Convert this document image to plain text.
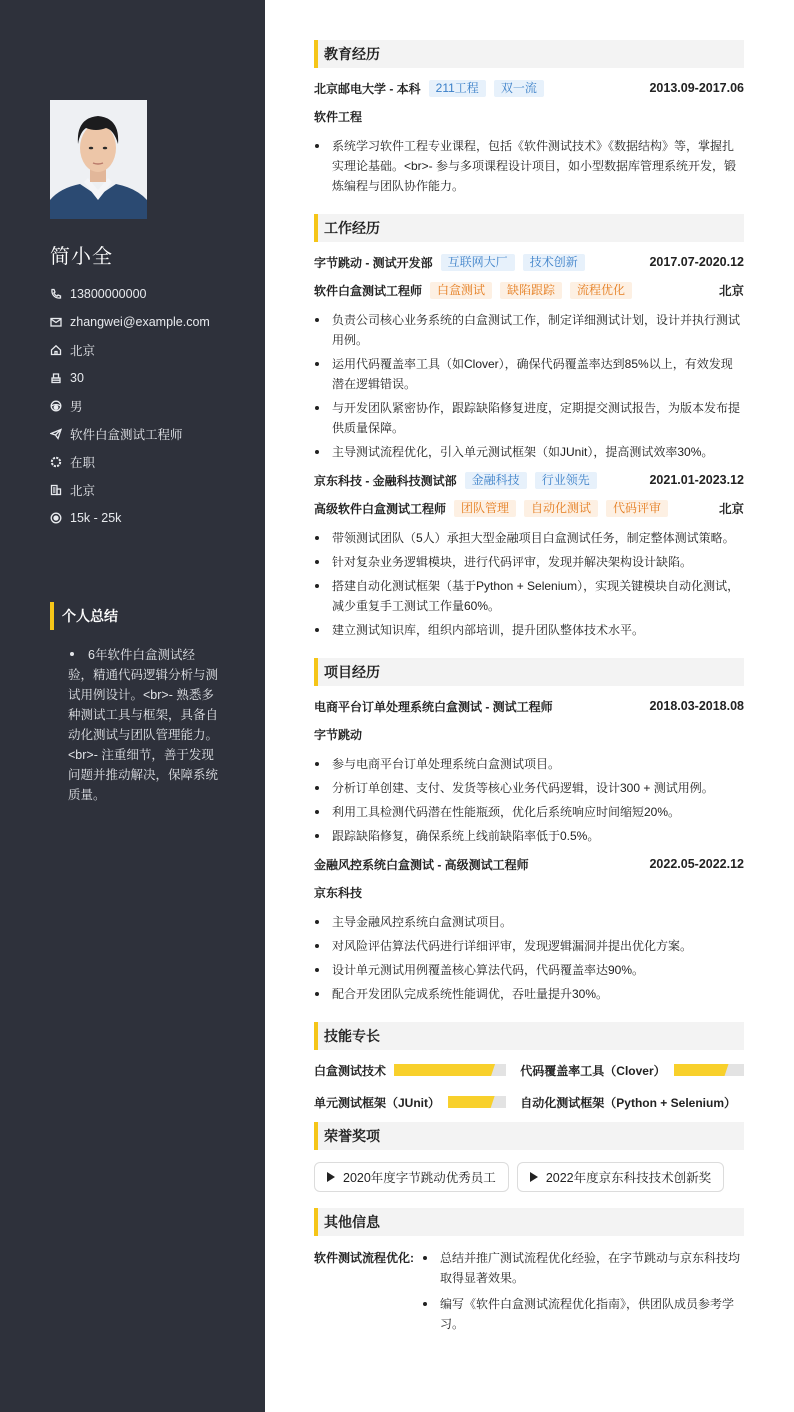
简小全
13800000000
zhangwei@example.com
北京
30
男
软件白盒测试工程师
在职
北京
15k - 25k
个人总结
6年软件白盒测试经验，精通代码逻辑分析与测试用例设计。<br>- 熟悉多种测试工具与框架，具备自动化测试与团队管理能力。<br>- 注重细节，善于发现问题并推动解决，保障系统质量。
教育经历
北京邮电大学 - 本科	211工程	双一流	2013.09-2017.06
软件工程
系统学习软件工程专业课程，包括《软件测试技术》《数据结构》等，掌握扎实理论基础。<br>- 参与多项课程设计项目，如小型数据库管理系统开发，锻炼编程与团队协作能力。
工作经历
字节跳动 - 测试开发部	互联网大厂	技术创新	2017.07-2020.12
软件白盒测试工程师	白盒测试	缺陷跟踪	流程优化	北京
负责公司核心业务系统的白盒测试工作，制定详细测试计划，设计并执行测试用例。
运用代码覆盖率工具（如Clover），确保代码覆盖率达到85%以上，有效发现潜在逻辑错误。
与开发团队紧密协作，跟踪缺陷修复进度，定期提交测试报告，为版本发布提供质量保障。
主导测试流程优化，引入单元测试框架（如JUnit），提高测试效率30%。
京东科技 - 金融科技测试部	金融科技	行业领先	2021.01-2023.12
高级软件白盒测试工程师	团队管理	自动化测试	代码评审	北京
带领测试团队（5人）承担大型金融项目白盒测试任务，制定整体测试策略。
针对复杂业务逻辑模块，进行代码评审，发现并解决架构设计缺陷。
搭建自动化测试框架（基于Python + Selenium），实现关键模块自动化测试，减少重复手工测试工作量60%。
建立测试知识库，组织内部培训，提升团队整体技术水平。
项目经历
电商平台订单处理系统白盒测试 - 测试工程师	2018.03-2018.08
字节跳动
参与电商平台订单处理系统白盒测试项目。
分析订单创建、支付、发货等核心业务代码逻辑，设计300 + 测试用例。
利用工具检测代码潜在性能瓶颈，优化后系统响应时间缩短20%。
跟踪缺陷修复，确保系统上线前缺陷率低于0.5%。
金融风控系统白盒测试 - 高级测试工程师	2022.05-2022.12
京东科技
主导金融风控系统白盒测试项目。
对风险评估算法代码进行详细评审，发现逻辑漏洞并提出优化方案。
设计单元测试用例覆盖核心算法代码，代码覆盖率达90%。
配合开发团队完成系统性能调优，吞吐量提升30%。
技能专长
白盒测试技术	代码覆盖率工具（Clover）
单元测试框架（JUnit）	自动化测试框架（Python + Selenium）
荣誉奖项
2020年度字节跳动优秀员工	2022年度京东科技技术创新奖
其他信息
软件测试流程优化:	总结并推广测试流程优化经验，在字节跳动与京东科技均取得显著效果。
编写《软件白盒测试流程优化指南》，供团队成员参考学习。
